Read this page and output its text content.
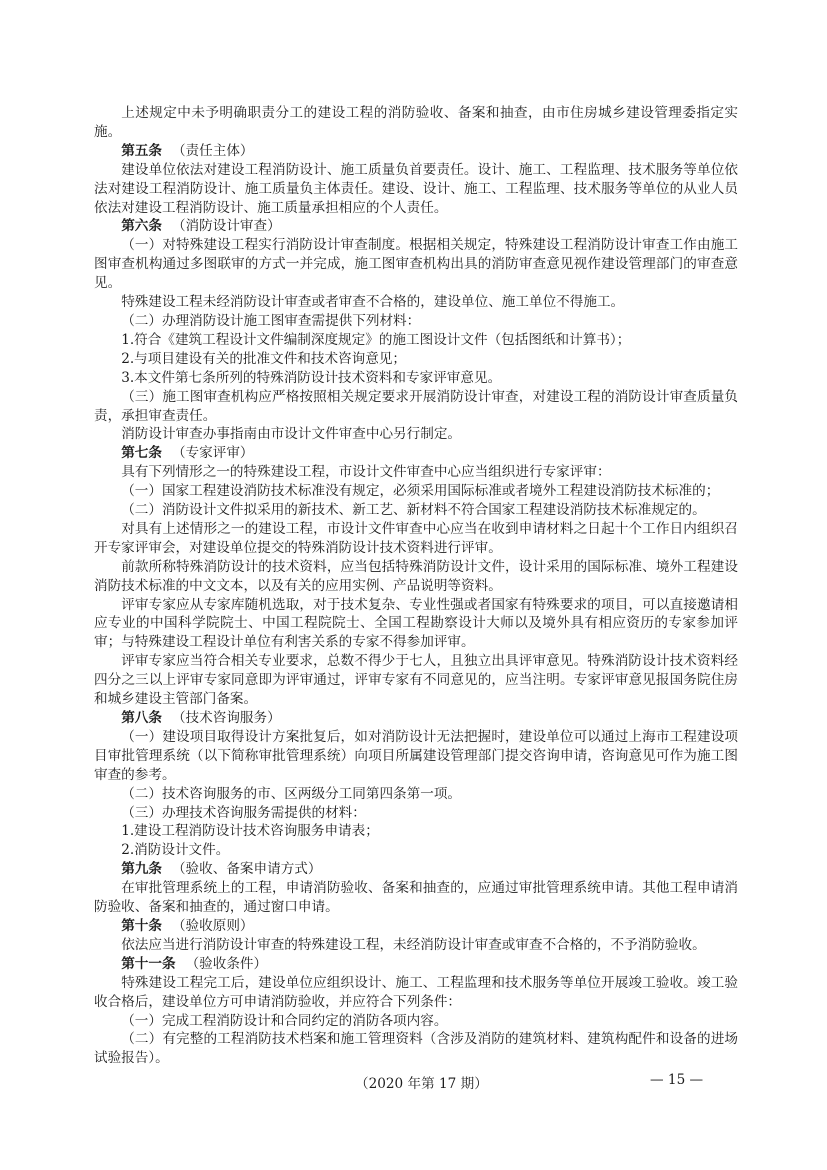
上述规定中未予明确职责分工的建设工程的消防验收、备案和抽查，由市住房城乡建设管理委指定实施。

第五条 （责任主体）

建设单位依法对建设工程消防设计、施工质量负首要责任。设计、施工、工程监理、技术服务等单位依法对建设工程消防设计、施工质量负主体责任。建设、设计、施工、工程监理、技术服务等单位的从业人员依法对建设工程消防设计、施工质量承担相应的个人责任。

第六条 （消防设计审查）

（一）对特殊建设工程实行消防设计审查制度。根据相关规定，特殊建设工程消防设计审查工作由施工图审查机构通过多图联审的方式一并完成，施工图审查机构出具的消防审查意见视作建设管理部门的审查意见。

特殊建设工程未经消防设计审查或者审查不合格的，建设单位、施工单位不得施工。

（二）办理消防设计施工图审查需提供下列材料：

1.符合《建筑工程设计文件编制深度规定》的施工图设计文件（包括图纸和计算书）；

2.与项目建设有关的批准文件和技术咨询意见；

3.本文件第七条所列的特殊消防设计技术资料和专家评审意见。

（三）施工图审查机构应严格按照相关规定要求开展消防设计审查，对建设工程的消防设计审查质量负责，承担审查责任。

消防设计审查办事指南由市设计文件审查中心另行制定。

第七条 （专家评审）

具有下列情形之一的特殊建设工程，市设计文件审查中心应当组织进行专家评审：

（一）国家工程建设消防技术标准没有规定，必须采用国际标准或者境外工程建设消防技术标准的；

（二）消防设计文件拟采用的新技术、新工艺、新材料不符合国家工程建设消防技术标准规定的。

对具有上述情形之一的建设工程，市设计文件审查中心应当在收到申请材料之日起十个工作日内组织召开专家评审会，对建设单位提交的特殊消防设计技术资料进行评审。

前款所称特殊消防设计的技术资料，应当包括特殊消防设计文件，设计采用的国际标准、境外工程建设消防技术标准的中文文本，以及有关的应用实例、产品说明等资料。

评审专家应从专家库随机选取，对于技术复杂、专业性强或者国家有特殊要求的项目，可以直接邀请相应专业的中国科学院院士、中国工程院院士、全国工程勘察设计大师以及境外具有相应资历的专家参加评审；与特殊建设工程设计单位有利害关系的专家不得参加评审。

评审专家应当符合相关专业要求，总数不得少于七人，且独立出具评审意见。特殊消防设计技术资料经四分之三以上评审专家同意即为评审通过，评审专家有不同意见的，应当注明。专家评审意见报国务院住房和城乡建设主管部门备案。

第八条 （技术咨询服务）

（一）建设项目取得设计方案批复后，如对消防设计无法把握时，建设单位可以通过上海市工程建设项目审批管理系统（以下简称审批管理系统）向项目所属建设管理部门提交咨询申请，咨询意见可作为施工图审查的参考。

（二）技术咨询服务的市、区两级分工同第四条第一项。

（三）办理技术咨询服务需提供的材料：

1.建设工程消防设计技术咨询服务申请表；

2.消防设计文件。

第九条 （验收、备案申请方式）

在审批管理系统上的工程，申请消防验收、备案和抽查的，应通过审批管理系统申请。其他工程申请消防验收、备案和抽查的，通过窗口申请。

第十条 （验收原则）

依法应当进行消防设计审查的特殊建设工程，未经消防设计审查或审查不合格的，不予消防验收。

第十一条 （验收条件）

特殊建设工程完工后，建设单位应组织设计、施工、工程监理和技术服务等单位开展竣工验收。竣工验收合格后，建设单位方可申请消防验收，并应符合下列条件：

（一）完成工程消防设计和合同约定的消防各项内容。

（二）有完整的工程消防技术档案和施工管理资料（含涉及消防的建筑材料、建筑构配件和设备的进场试验报告）。

（2020 年第 17 期）	— 15 —
